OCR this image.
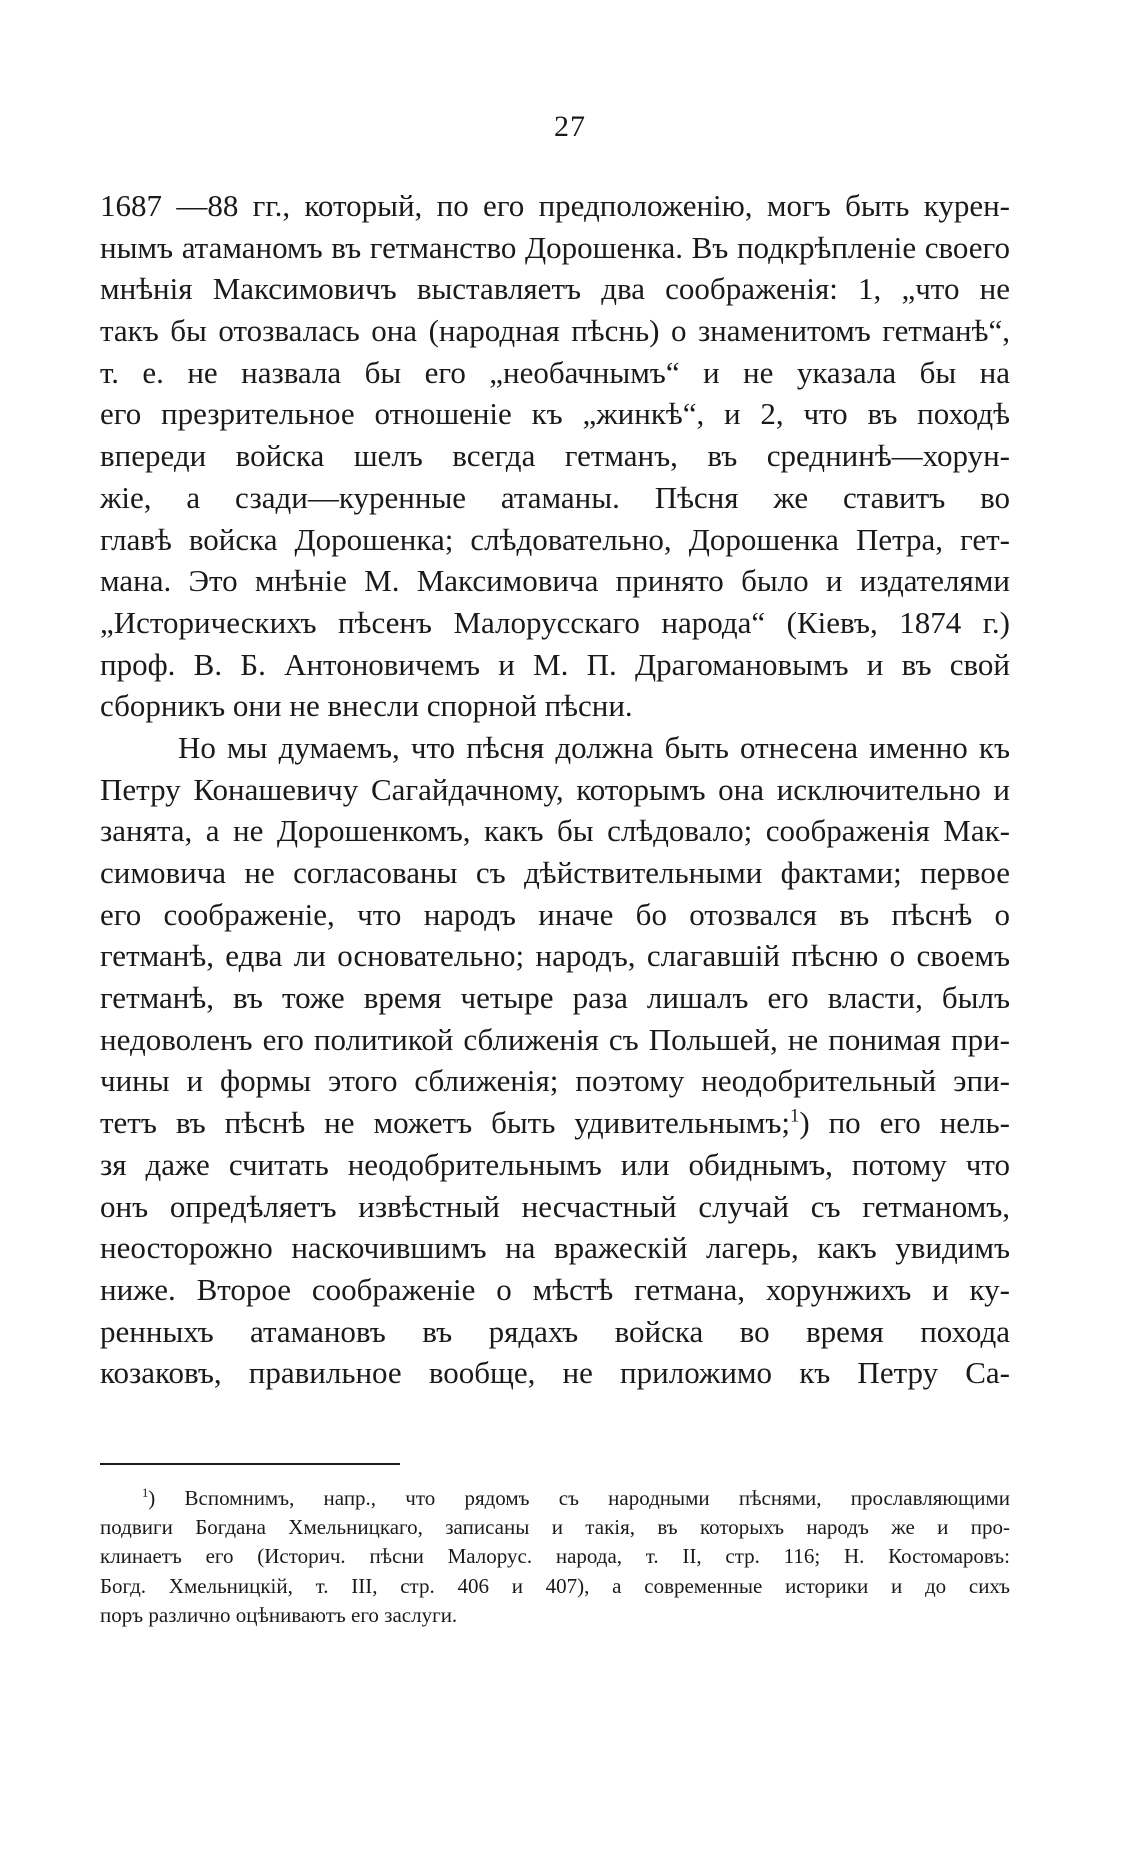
27
1687 —88 гг., который, по его предположенію, могъ быть курен-
нымъ атаманомъ въ гетманство Дорошенка. Въ подкрѣпленіе своего
мнѣнія Максимовичъ выставляетъ два соображенія: 1, „что не
такъ бы отозвалась она (народная пѣснь) о знаменитомъ гетманѣ“,
т. е. не назвала бы его „необачнымъ“ и не указала бы на
его презрительное отношеніе къ „жинкѣ“, и 2, что въ походѣ
впереди войска шелъ всегда гетманъ, въ среднинѣ—хорун-
жіе, а сзади—куренные атаманы. Пѣсня же ставитъ во
главѣ войска Дорошенка; слѣдовательно, Дорошенка Петра, гет-
мана. Это мнѣніе М. Максимовича принято было и издателями
„Историческихъ пѣсенъ Малорусскаго народа“ (Кіевъ, 1874 г.)
проф. В. Б. Антоновичемъ и М. П. Драгомановымъ и въ свой
сборникъ они не внесли спорной пѣсни.
Но мы думаемъ, что пѣсня должна быть отнесена именно къ
Петру Конашевичу Сагайдачному, которымъ она исключительно и
занята, а не Дорошенкомъ, какъ бы слѣдовало; соображенія Мак-
симовича не согласованы съ дѣйствительными фактами; первое
его соображеніе, что народъ иначе бо отозвался въ пѣснѣ о
гетманѣ, едва ли основательно; народъ, слагавшій пѣсню о своемъ
гетманѣ, въ тоже время четыре раза лишалъ его власти, былъ
недоволенъ его политикой сближенія съ Польшей, не понимая при-
чины и формы этого сближенія; поэтому неодобрительный эпи-
тетъ въ пѣснѣ не можетъ быть удивительнымъ;$^1$) по его нель-
зя даже считать неодобрительнымъ или обиднымъ, потому что
онъ опредѣляетъ извѣстный несчастный случай съ гетманомъ,
неосторожно наскочившимъ на вражескій лагерь, какъ увидимъ
ниже. Второе соображеніе о мѣстѣ гетмана, хорунжихъ и ку-
ренныхъ атамановъ въ рядахъ войска во время похода
козаковъ, правильное вообще, не приложимо къ Петру Са-
$^1$) Вспомнимъ, напр., что рядомъ съ народными пѣснями, прославляющими
подвиги Богдана Хмельницкаго, записаны и такія, въ которыхъ народъ же и про-
клинаетъ его (Историч. пѣсни Малорус. народа, т. II, стр. 116; Н. Костомаровъ:
Богд. Хмельницкій, т. III, стр. 406 и 407), а современные историки и до сихъ
поръ различно оцѣниваютъ его заслуги.
